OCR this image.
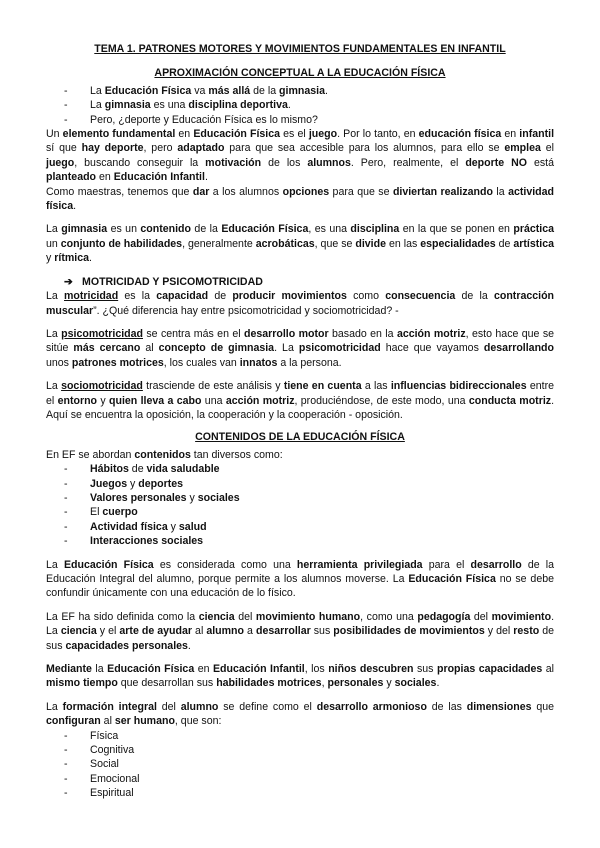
TEMA 1. PATRONES MOTORES Y MOVIMIENTOS FUNDAMENTALES EN INFANTIL
APROXIMACIÓN CONCEPTUAL A LA EDUCACIÓN FÍSICA
- La Educación Física va más allá de la gimnasia.
- La gimnasia es una disciplina deportiva.
- Pero, ¿deporte y Educación Física es lo mismo?

Un elemento fundamental en Educación Física es el juego. Por lo tanto, en educación física en infantil sí que hay deporte, pero adaptado para que sea accesible para los alumnos, para ello se emplea el juego, buscando conseguir la motivación de los alumnos. Pero, realmente, el deporte NO está planteado en Educación Infantil.

Como maestras, tenemos que dar a los alumnos opciones para que se diviertan realizando la actividad física.

La gimnasia es un contenido de la Educación Física, es una disciplina en la que se ponen en práctica un conjunto de habilidades, generalmente acrobáticas, que se divide en las especialidades de artística y rítmica.

➔ MOTRICIDAD Y PSICOMOTRICIDAD

La motricidad es la capacidad de producir movimientos como consecuencia de la contracción muscular”. ¿Qué diferencia hay entre psicomotricidad y sociomotricidad? -

La psicomotricidad se centra más en el desarrollo motor basado en la acción motriz, esto hace que se sitúe más cercano al concepto de gimnasia. La psicomotricidad hace que vayamos desarrollando unos patrones motrices, los cuales van innatos a la persona.

La sociomotricidad trasciende de este análisis y tiene en cuenta a las influencias bidireccionales entre el entorno y quien lleva a cabo una acción motriz, produciéndose, de este modo, una conducta motriz. Aquí se encuentra la oposición, la cooperación y la cooperación - oposición.

CONTENIDOS DE LA EDUCACIÓN FÍSICA

En EF se abordan contenidos tan diversos como:

- Hábitos de vida saludable
- Juegos y deportes
- Valores personales y sociales
- El cuerpo
- Actividad física y salud
- Interacciones sociales

La Educación Física es considerada como una herramienta privilegiada para el desarrollo de la Educación Integral del alumno, porque permite a los alumnos moverse. La Educación Física no se debe confundir únicamente con una educación de lo físico.

La EF ha sido definida como la ciencia del movimiento humano, como una pedagogía del movimiento. La ciencia y el arte de ayudar al alumno a desarrollar sus posibilidades de movimientos y del resto de sus capacidades personales.

Mediante la Educación Física en Educación Infantil, los niños descubren sus propias capacidades al mismo tiempo que desarrollan sus habilidades motrices, personales y sociales.

La formación integral del alumno se define como el desarrollo armonioso de las dimensiones que configuran al ser humano, que son:

- Física
- Cognitiva
- Social
- Emocional
- Espiritual
